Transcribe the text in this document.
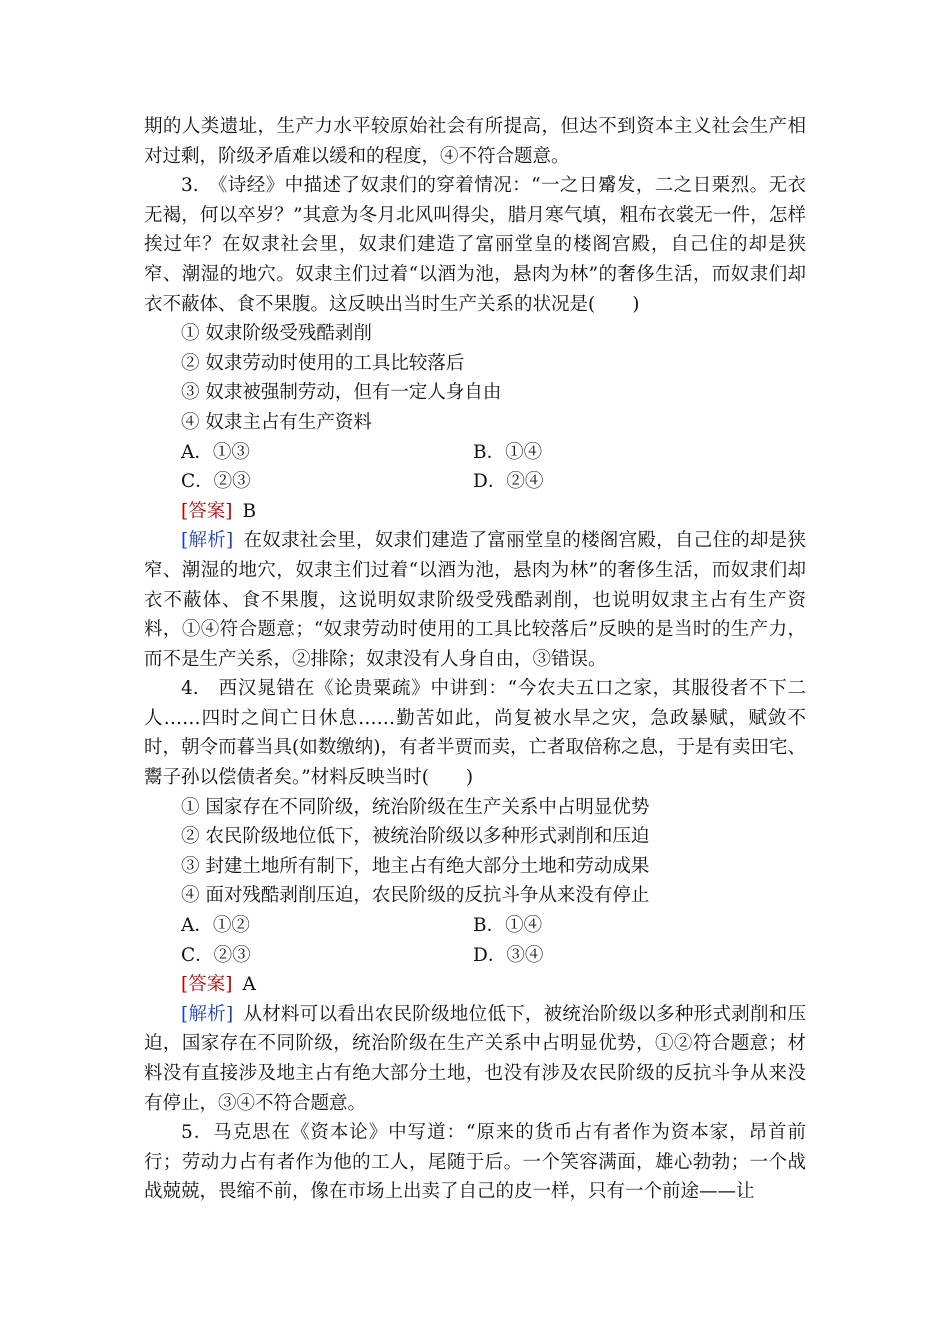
期的人类遗址，生产力水平较原始社会有所提高，但达不到资本主义社会生产相对过剩，阶级矛盾难以缓和的程度，④不符合题意。

3.　《诗经》中描述了奴隶们的穿着情况：“一之日觱发，二之日栗烈。无衣无褐，何以卒岁？”其意为冬月北风叫得尖，腊月寒气填，粗布衣裳无一件，怎样挨过年？在奴隶社会里，奴隶们建造了富丽堂皇的楼阁宫殿，自己住的却是狭窄、潮湿的地穴。奴隶主们过着“以酒为池，悬肉为林”的奢侈生活，而奴隶们却衣不蔽体、食不果腹。这反映出当时生产关系的状况是(　　)

① 奴隶阶级受残酷剥削

② 奴隶劳动时使用的工具比较落后

③ 奴隶被强制劳动，但有一定人身自由

④ 奴隶主占有生产资料

A．①③	B．①④
C．②③	D．②④

[答案] B

[解析] 在奴隶社会里，奴隶们建造了富丽堂皇的楼阁宫殿，自己住的却是狭窄、潮湿的地穴，奴隶主们过着“以酒为池，悬肉为林”的奢侈生活，而奴隶们却衣不蔽体、食不果腹，这说明奴隶阶级受残酷剥削，也说明奴隶主占有生产资料，①④符合题意；“奴隶劳动时使用的工具比较落后”反映的是当时的生产力，而不是生产关系，②排除；奴隶没有人身自由，③错误。

4.　西汉晁错在《论贵粟疏》中讲到：“今农夫五口之家，其服役者不下二人……四时之间亡日休息……勤苦如此，尚复被水旱之灾，急政暴赋，赋敛不时，朝令而暮当具(如数缴纳)，有者半贾而卖，亡者取倍称之息，于是有卖田宅、鬻子孙以偿债者矣。”材料反映当时(　　)

① 国家存在不同阶级，统治阶级在生产关系中占明显优势

② 农民阶级地位低下，被统治阶级以多种形式剥削和压迫

③ 封建土地所有制下，地主占有绝大部分土地和劳动成果

④ 面对残酷剥削压迫，农民阶级的反抗斗争从来没有停止

A．①②	B．①④
C．②③	D．③④

[答案] A

[解析] 从材料可以看出农民阶级地位低下，被统治阶级以多种形式剥削和压迫，国家存在不同阶级，统治阶级在生产关系中占明显优势，①②符合题意；材料没有直接涉及地主占有绝大部分土地，也没有涉及农民阶级的反抗斗争从来没有停止，③④不符合题意。

5．马克思在《资本论》中写道：“原来的货币占有者作为资本家，昂首前行；劳动力占有者作为他的工人，尾随于后。一个笑容满面，雄心勃勃；一个战战兢兢，畏缩不前，像在市场上出卖了自己的皮一样，只有一个前途——让
